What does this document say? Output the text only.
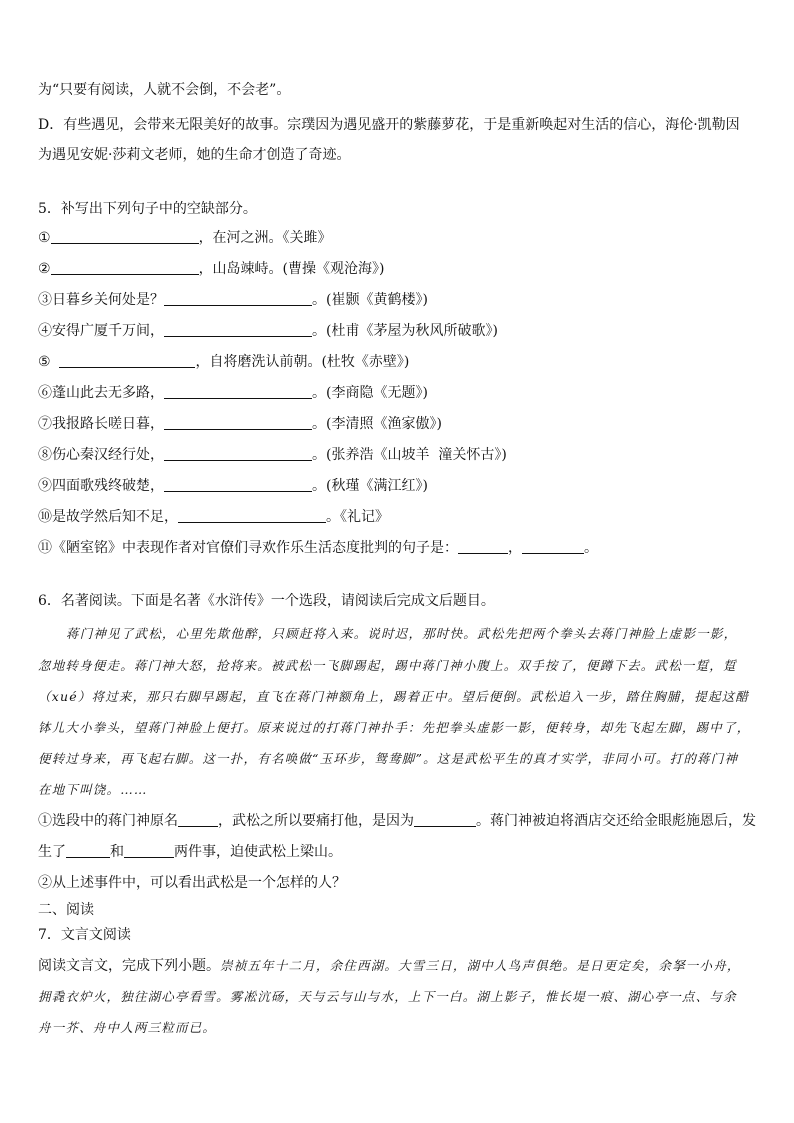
为“只要有阅读，人就不会倒，不会老”。
D．有些遇见，会带来无限美好的故事。宗璞因为遇见盛开的紫藤萝花，于是重新唤起对生活的信心，海伦·凯勒因
为遇见安妮·莎莉文老师，她的生命才创造了奇迹。
5．补写出下列句子中的空缺部分。
①	，在河之洲。《关雎》
②	，山岛竦峙。(曹操《观沧海》)
③日暮乡关何处是？	。(崔颢《黄鹤楼》)
④安得广厦千万间，	。(杜甫《茅屋为秋风所破歌》)
⑤	，自将磨洗认前朝。(杜牧《赤壁》)
⑥蓬山此去无多路，	。(李商隐《无题》)
⑦我报路长嗟日暮，	。(李清照《渔家傲》)
⑧伤心秦汉经行处，	。(张养浩《山坡羊  潼关怀古》)
⑨四面歌残终破楚，	。(秋瑾《满江红》)
⑩是故学然后知不足，	。《礼记》
⑪《陋室铭》中表现作者对官僚们寻欢作乐生活态度批判的句子是：	，	。
6．名著阅读。下面是名著《水浒传》一个选段，请阅读后完成文后题目。
蒋门神见了武松，心里先欺他醉，只顾赶将入来。说时迟，那时快。武松先把两个拳头去蒋门神脸上虚影一影，
忽地转身便走。蒋门神大怒，抢将来。被武松一飞脚踢起，踢中蒋门神小腹上。双手按了，便蹲下去。武松一踅，踅
（xué）将过来，那只右脚早踢起，直飞在蒋门神额角上，踢着正中。望后便倒。武松追入一步，踏住胸脯，提起这醋
钵儿大小拳头，望蒋门神脸上便打。原来说过的打蒋门神扑手：先把拳头虚影一影，便转身，却先飞起左脚，踢中了，
便转过身来，再飞起右脚。这一扑，有名唤做“玉环步，鸳鸯脚”。这是武松平生的真才实学，非同小可。打的蒋门神
在地下叫饶。……
①选段中的蒋门神原名	，武松之所以要痛打他，是因为	。蒋门神被迫将酒店交还给金眼彪施恩后，发
生了	和	两件事，迫使武松上梁山。
②从上述事件中，可以看出武松是一个怎样的人？
二、阅读
7．文言文阅读
阅读文言文，完成下列小题。崇祯五年十二月，余住西湖。大雪三日，湖中人鸟声俱绝。是日更定矣，余拏一小舟，
拥毳衣炉火，独往湖心亭看雪。雾凇沆砀，天与云与山与水，上下一白。湖上影子，惟长堤一痕、湖心亭一点、与余
舟一芥、舟中人两三粒而已。
